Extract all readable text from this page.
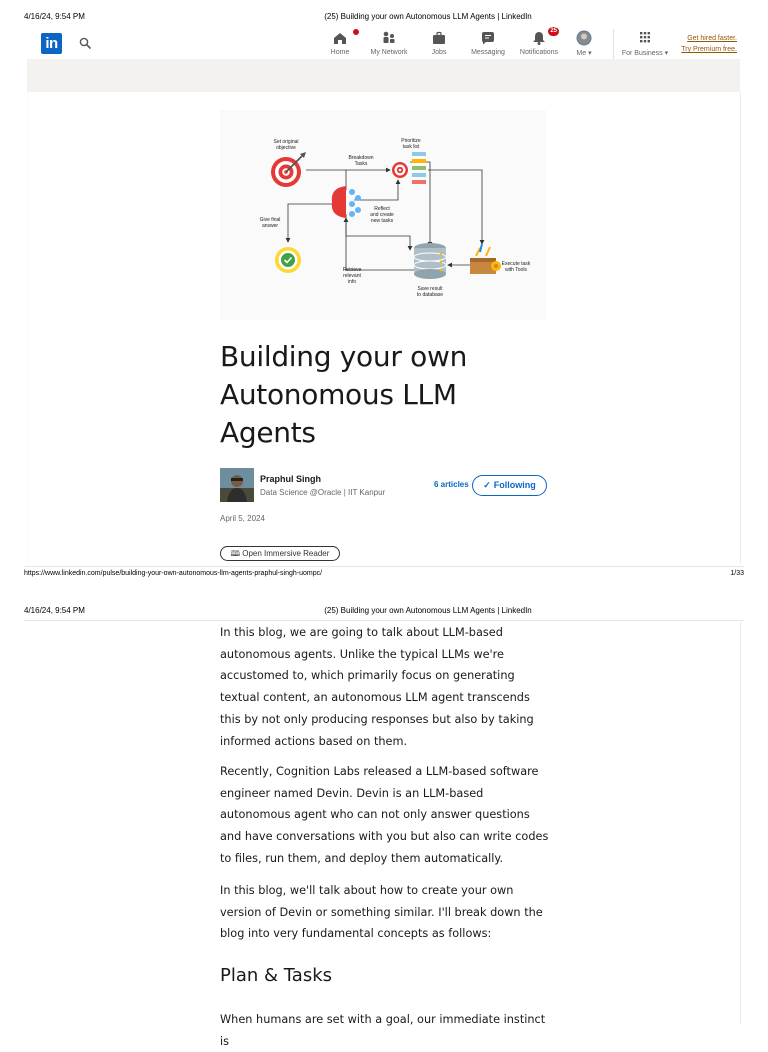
4/16/24, 9:54 PM	(25) Building your own Autonomous LLM Agents | LinkedIn
in
Home	My Network	Jobs	Messaging
25
Notifications	Me ▾	For Business ▾
Get hired faster.
Try Premium free.
Set original
objective
Prioritize
task list
Breakdown
Tasks
Reflect
and create
new tasks
Give final
answer
Execute task
with Tools
Retrieve
relevant
info
Save result
to database
Building your own Autonomous LLM Agents
Praphul Singh
Data Science @Oracle | IIT Kanpur
6 articles	✓ Following
April 5, 2024
🕮 Open Immersive Reader
https://www.linkedin.com/pulse/building-your-own-autonomous-llm-agents-praphul-singh-uompc/	1/33
4/16/24, 9:54 PM	(25) Building your own Autonomous LLM Agents | LinkedIn
In this blog, we are going to talk about LLM-based autonomous agents. Unlike the typical LLMs we're accustomed to, which primarily focus on generating textual content, an autonomous LLM agent transcends this by not only producing responses but also by taking informed actions based on them.
Recently, Cognition Labs released a LLM-based software engineer named Devin. Devin is an LLM-based autonomous agent who can not only answer questions and have conversations with you but also can write codes to files, run them, and deploy them automatically.
In this blog, we'll talk about how to create your own version of Devin or something similar. I'll break down the blog into very fundamental concepts as follows:
Plan & Tasks
When humans are set with a goal, our immediate instinct is
